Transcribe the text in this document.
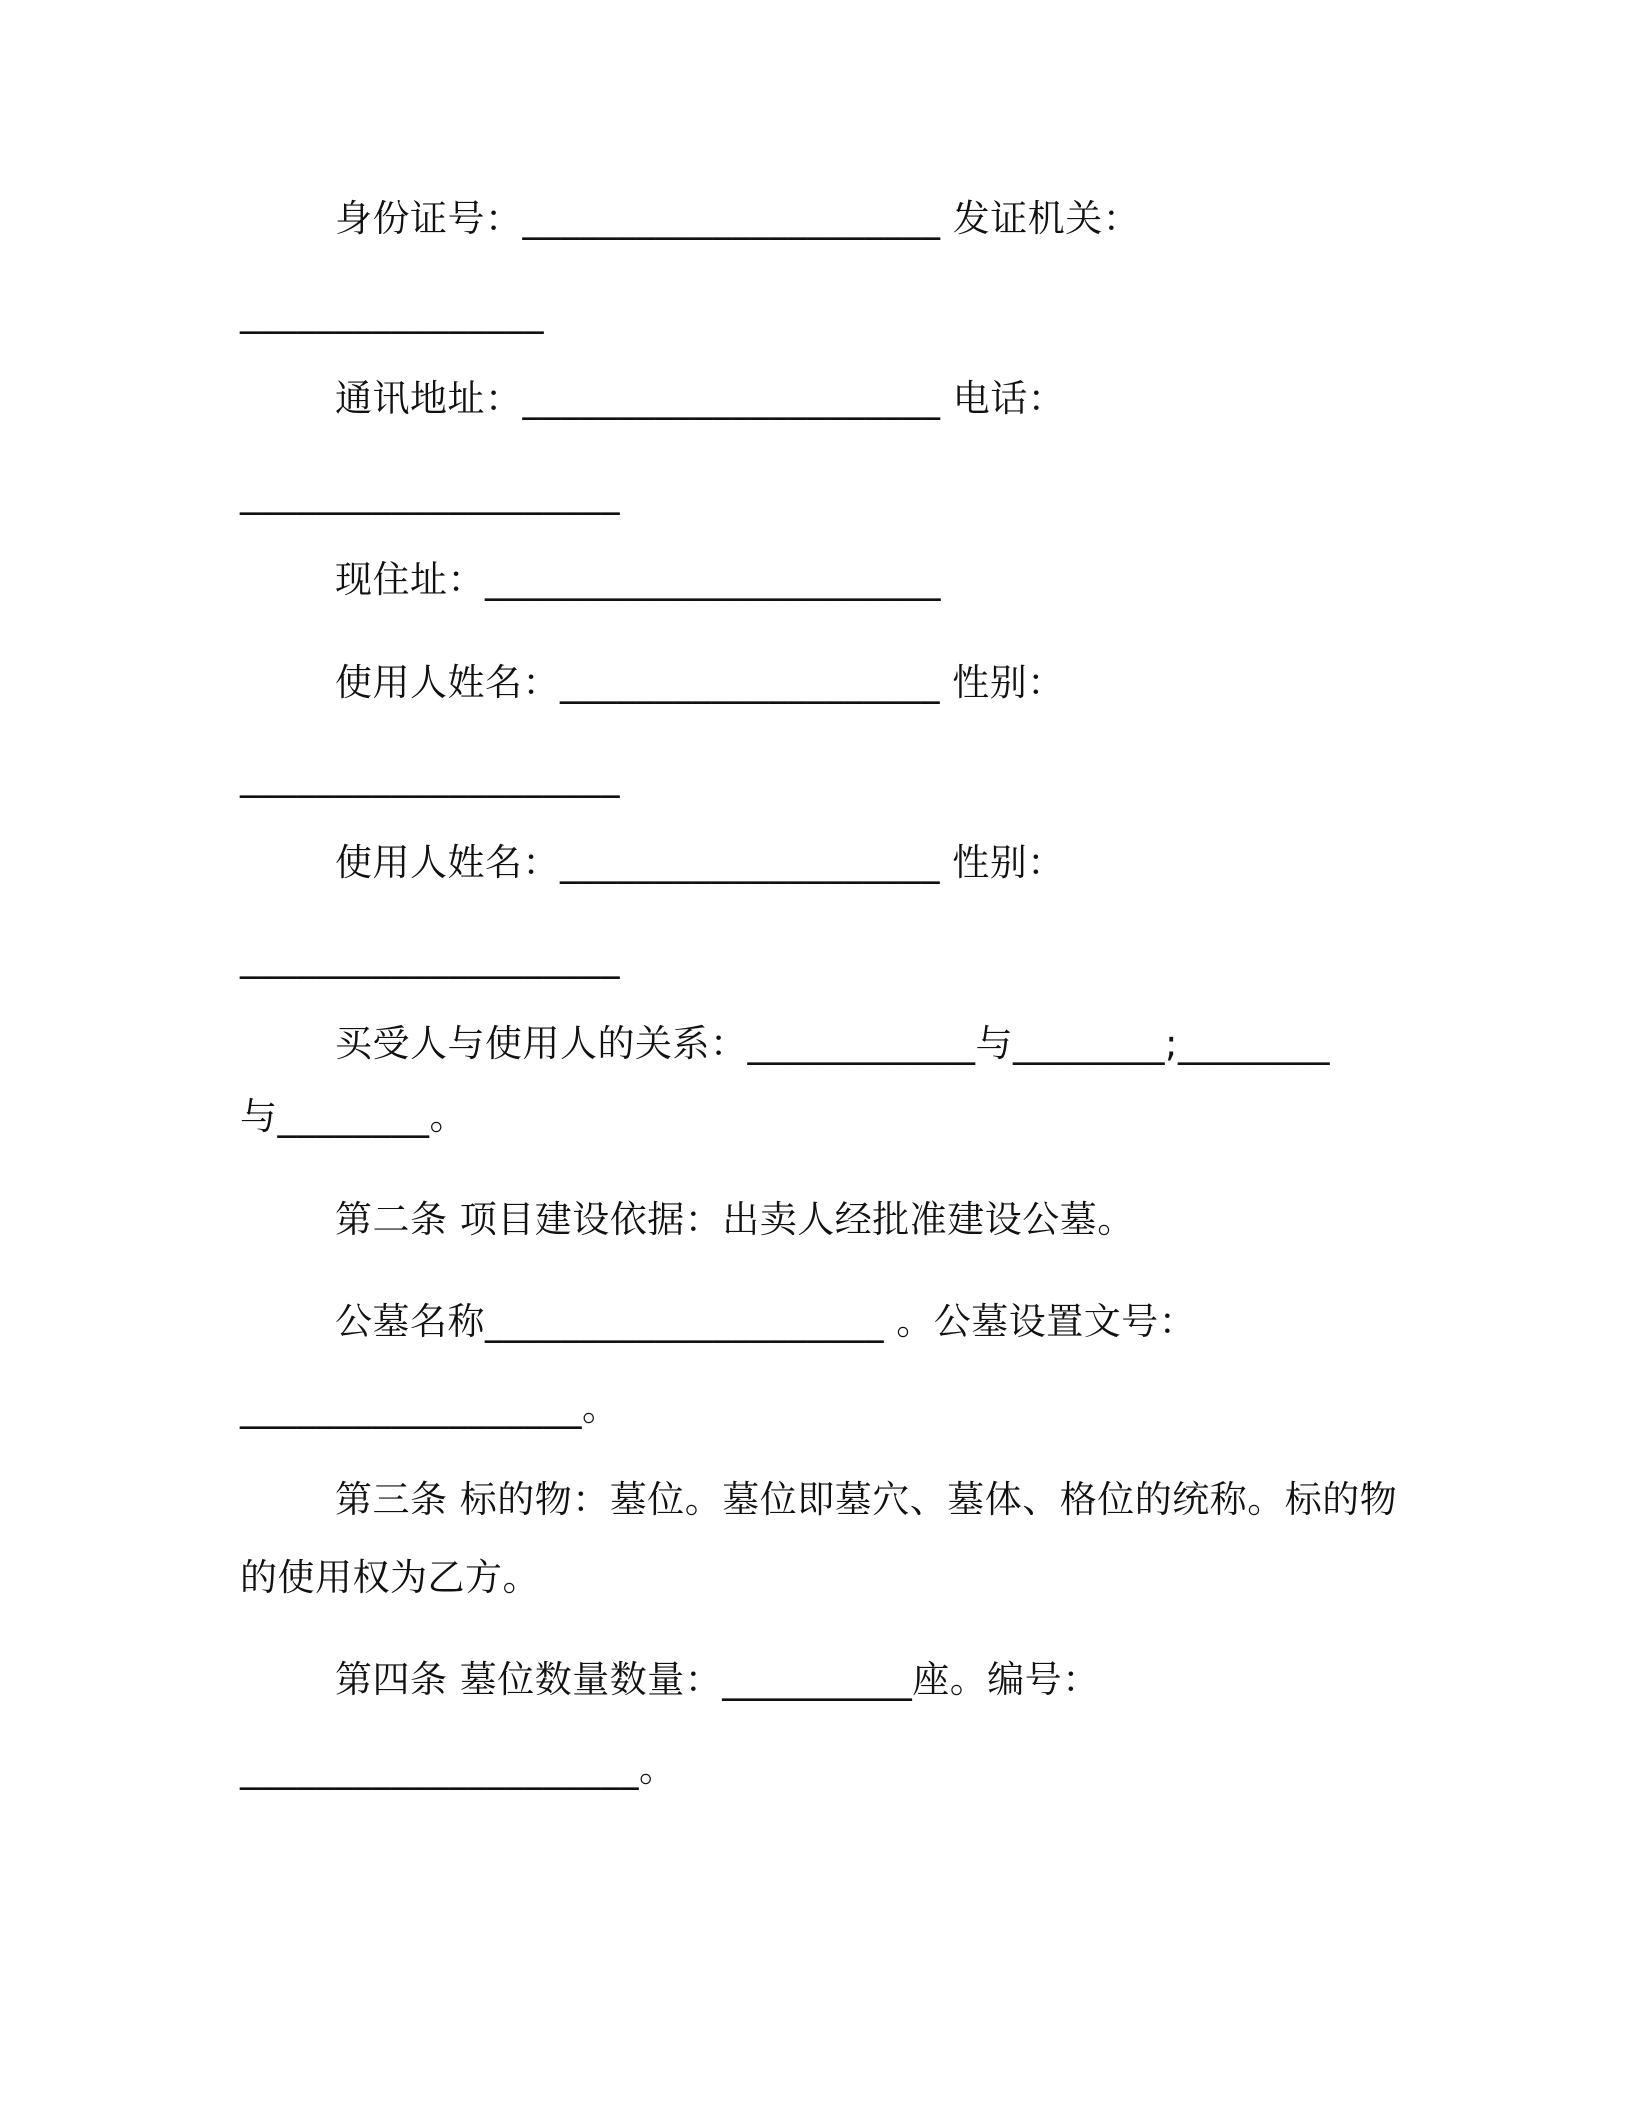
身份证号：______________________ 发证机关：
________________
通讯地址：______________________ 电话：
____________________
现住址：________________________
使用人姓名：____________________ 性别：
____________________
使用人姓名：____________________ 性别：
____________________
买受人与使用人的关系：____________与________;________
与________。
第二条 项目建设依据：出卖人经批准建设公墓。
公墓名称_____________________ 。公墓设置文号：
__________________。
第三条 标的物：墓位。墓位即墓穴、墓体、格位的统称。标的物
的使用权为乙方。
第四条 墓位数量数量：__________座。编号：
_____________________。
